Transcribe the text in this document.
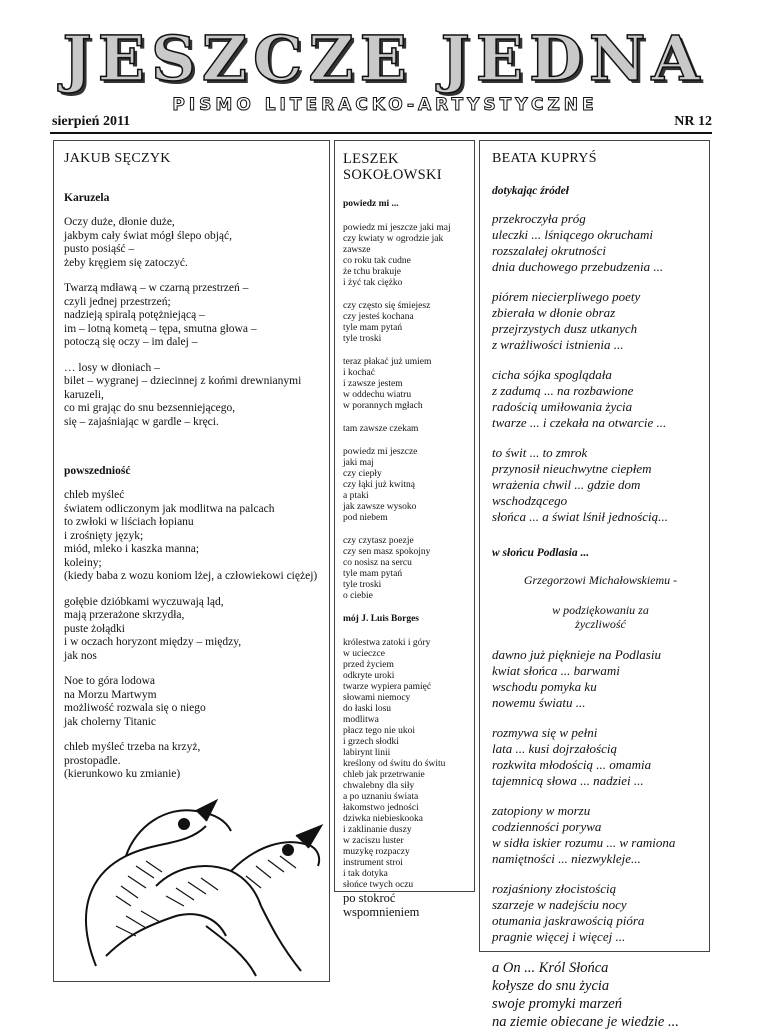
JESZCZE JEDNA
PISMO LITERACKO-ARTYSTYCZNE
sierpień 2011	NR 12
JAKUB SĘCZYK
Karuzela
Oczy duże, dłonie duże,
jakbym cały świat mógł ślepo objąć,
pusto posiąść –
żeby kręgiem się zatoczyć.
Twarzą mdławą – w czarną przestrzeń –
czyli jednej przestrzeń;
nadzieją spiralą potężniejącą –
im – lotną kometą – tępa, smutna głowa –
potoczą się oczy – im dalej –
… losy w dłoniach –
bilet – wygranej – dziecinnej z końmi drewnianymi
karuzeli,
co mi grając do snu bezsenniejącego,
się – zajaśniając w gardle – kręci.
powszedniość
chleb myśleć
światem odliczonym jak modlitwa na palcach
to zwłoki w liściach łopianu
i zrośnięty język;
miód, mleko i kaszka manna;
koleiny;
(kiedy baba z wozu koniom lżej, a człowiekowi ciężej)
gołębie dzióbkami wyczuwają ląd,
mają przerażone skrzydła,
puste żołądki
i w oczach horyzont między – między,
jak nos
Noe to góra lodowa
na Morzu Martwym
możliwość rozwala się o niego
jak cholerny Titanic
chleb myśleć trzeba na krzyż,
prostopadle.
(kierunkowo ku zmianie)
LESZEK
SOKOŁOWSKI
powiedz mi ...
powiedz mi jeszcze jaki maj
czy kwiaty w ogrodzie jak
zawsze
co roku tak cudne
że tchu brakuje
i żyć tak ciężko
czy często się śmiejesz
czy jesteś kochana
tyle mam pytań
tyle troski
teraz płakać już umiem
i kochać
i zawsze jestem
w oddechu wiatru
w porannych mgłach
tam zawsze czekam
powiedz mi jeszcze
jaki maj
czy ciepły
czy łąki już kwitną
a ptaki
jak zawsze wysoko
pod niebem
czy czytasz poezje
czy sen masz spokojny
co nosisz na sercu
tyle mam pytań
tyle troski
o ciebie
mój J. Luis Borges
królestwa zatoki i góry
w ucieczce
przed życiem
odkryte uroki
twarze wypiera pamięć
słowami niemocy
do łaski losu
modlitwa
płacz tego nie ukoi
i grzech słodki
labirynt linii
kreślony od świtu do świtu
chleb jak przetrwanie
chwalebny dla siły
a po uznaniu świata
łakomstwo jedności
dziwka niebieskooka
i zaklinanie duszy
w zaciszu luster
muzykę rozpaczy
instrument stroi
i tak dotyka
słońce twych oczu
po stokroć
wspomnieniem
BEATA KUPRYŚ
dotykając źródeł
przekroczyła próg
uleczki ... lśniącego okruchami
rozszalałej okrutności
dnia duchowego przebudzenia ...
piórem niecierpliwego poety
zbierała w dłonie obraz
przejrzystych dusz utkanych
z wrażliwości istnienia ...
cicha sójka spoglądała
z zadumą ... na rozbawione
radością umiłowania życia
twarze ... i czekała na otwarcie ...
to świt ... to zmrok
przynosił nieuchwytne ciepłem
wrażenia chwil ... gdzie dom
wschodzącego
słońca ... a świat lśnił jednością...
w słońcu Podlasia ...
Grzegorzowi Michałowskiemu -
w podziękowaniu za
życzliwość
dawno już pięknieje na Podlasiu
kwiat słońca ... barwami
wschodu pomyka ku
nowemu światu ...
rozmywa się w pełni
lata ... kusi dojrzałością
rozkwita młodością ... omamia
tajemnicą słowa ... nadziei ...
zatopiony w morzu
codzienności porywa
w sidła iskier rozumu ... w ramiona
namiętności ... niezwykleje...
rozjaśniony złocistością
szarzeje w nadejściu nocy
otumania jaskrawością pióra
pragnie więcej i więcej ...
a On ... Król Słońca
kołysze do snu życia
swoje promyki marzeń
na ziemie obiecane je wiedzie ...
